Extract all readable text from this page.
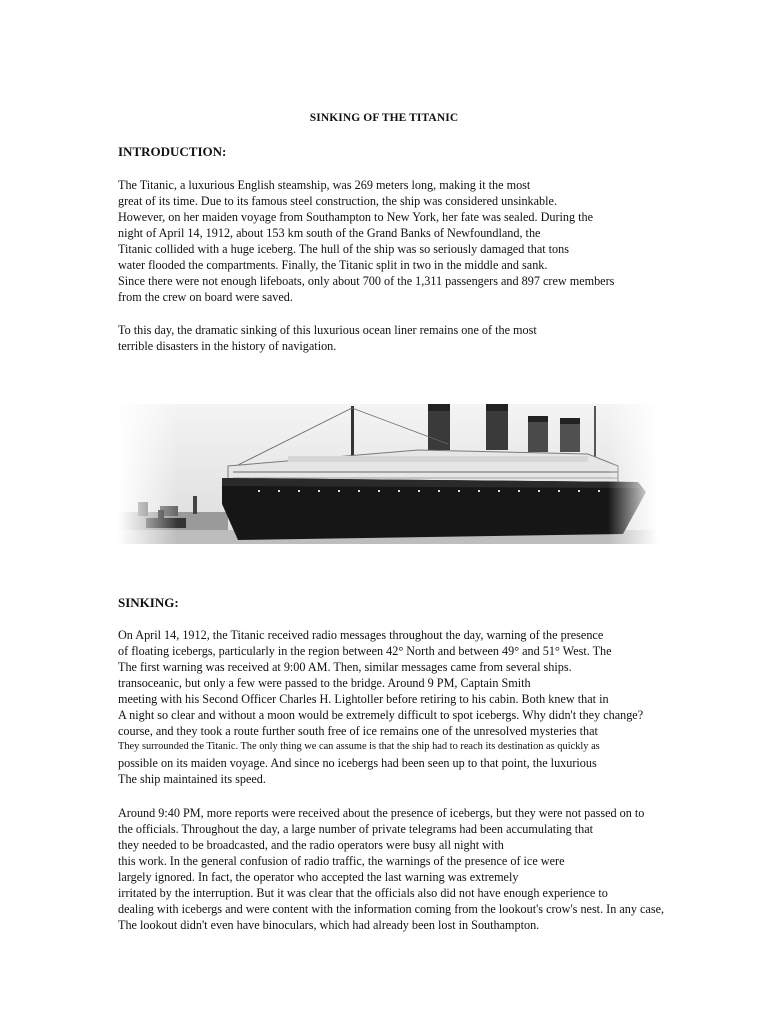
SINKING OF THE TITANIC
INTRODUCTION:
The Titanic, a luxurious English steamship, was 269 meters long, making it the most
great of its time. Due to its famous steel construction, the ship was considered unsinkable.
However, on her maiden voyage from Southampton to New York, her fate was sealed. During the
night of April 14, 1912, about 153 km south of the Grand Banks of Newfoundland, the
Titanic collided with a huge iceberg. The hull of the ship was so seriously damaged that tons
water flooded the compartments. Finally, the Titanic split in two in the middle and sank.
Since there were not enough lifeboats, only about 700 of the 1,311 passengers and 897 crew members
from the crew on board were saved.
To this day, the dramatic sinking of this luxurious ocean liner remains one of the most
terrible disasters in the history of navigation.
SINKING:
On April 14, 1912, the Titanic received radio messages throughout the day, warning of the presence
of floating icebergs, particularly in the region between 42° North and between 49° and 51° West. The
The first warning was received at 9:00 AM. Then, similar messages came from several ships.
transoceanic, but only a few were passed to the bridge. Around 9 PM, Captain Smith
meeting with his Second Officer Charles H. Lightoller before retiring to his cabin. Both knew that in
A night so clear and without a moon would be extremely difficult to spot icebergs. Why didn't they change?
course, and they took a route further south free of ice remains one of the unresolved mysteries that
They surrounded the Titanic. The only thing we can assume is that the ship had to reach its destination as quickly as
possible on its maiden voyage. And since no icebergs had been seen up to that point, the luxurious
The ship maintained its speed.
Around 9:40 PM, more reports were received about the presence of icebergs, but they were not passed on to
the officials. Throughout the day, a large number of private telegrams had been accumulating that
they needed to be broadcasted, and the radio operators were busy all night with
this work. In the general confusion of radio traffic, the warnings of the presence of ice were
largely ignored. In fact, the operator who accepted the last warning was extremely
irritated by the interruption. But it was clear that the officials also did not have enough experience to
dealing with icebergs and were content with the information coming from the lookout's crow's nest. In any case,
The lookout didn't even have binoculars, which had already been lost in Southampton.
